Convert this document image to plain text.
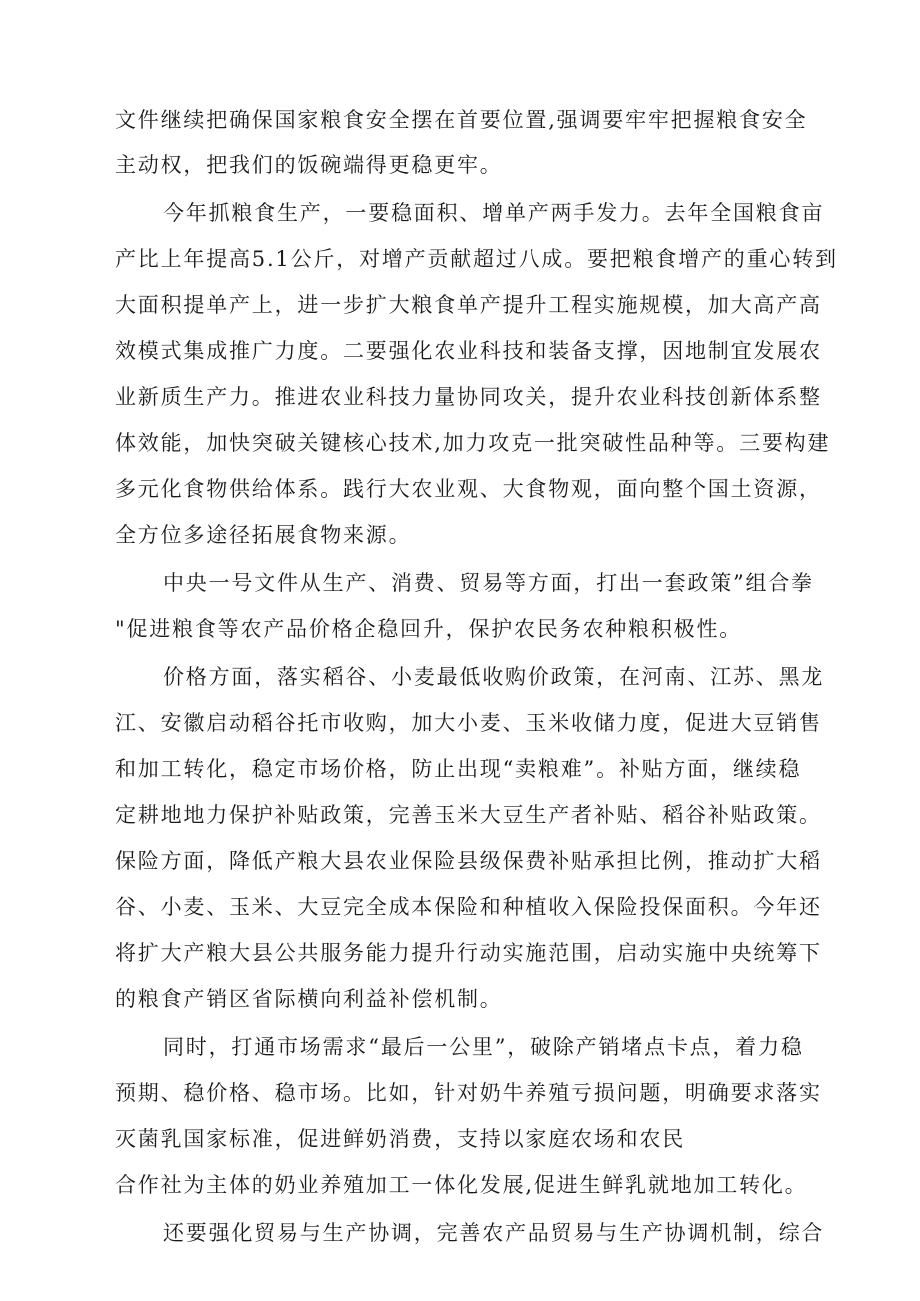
文件继续把确保国家粮食安全摆在首要位置,强调要牢牢把握粮食安全
主动权，把我们的饭碗端得更稳更牢。
今年抓粮食生产，一要稳面积、增单产两手发力。去年全国粮食亩
产比上年提高5.1公斤，对增产贡献超过八成。要把粮食增产的重心转到
大面积提单产上，进一步扩大粮食单产提升工程实施规模，加大高产高
效模式集成推广力度。二要强化农业科技和装备支撑，因地制宜发展农
业新质生产力。推进农业科技力量协同攻关，提升农业科技创新体系整
体效能，加快突破关键核心技术,加力攻克一批突破性品种等。三要构建
多元化食物供给体系。践行大农业观、大食物观，面向整个国土资源，
全方位多途径拓展食物来源。
中央一号文件从生产、消费、贸易等方面，打出一套政策”组合拳
"促进粮食等农产品价格企稳回升，保护农民务农种粮积极性。
价格方面，落实稻谷、小麦最低收购价政策，在河南、江苏、黑龙
江、安徽启动稻谷托市收购，加大小麦、玉米收储力度，促进大豆销售
和加工转化，稳定市场价格，防止出现“卖粮难”。补贴方面，继续稳
定耕地地力保护补贴政策，完善玉米大豆生产者补贴、稻谷补贴政策。
保险方面，降低产粮大县农业保险县级保费补贴承担比例，推动扩大稻
谷、小麦、玉米、大豆完全成本保险和种植收入保险投保面积。今年还
将扩大产粮大县公共服务能力提升行动实施范围，启动实施中央统筹下
的粮食产销区省际横向利益补偿机制。
同时，打通市场需求“最后一公里”，破除产销堵点卡点，着力稳
预期、稳价格、稳市场。比如，针对奶牛养殖亏损问题，明确要求落实
灭菌乳国家标准，促进鲜奶消费，支持以家庭农场和农民
合作社为主体的奶业养殖加工一体化发展,促进生鲜乳就地加工转化。
还要强化贸易与生产协调，完善农产品贸易与生产协调机制，综合
